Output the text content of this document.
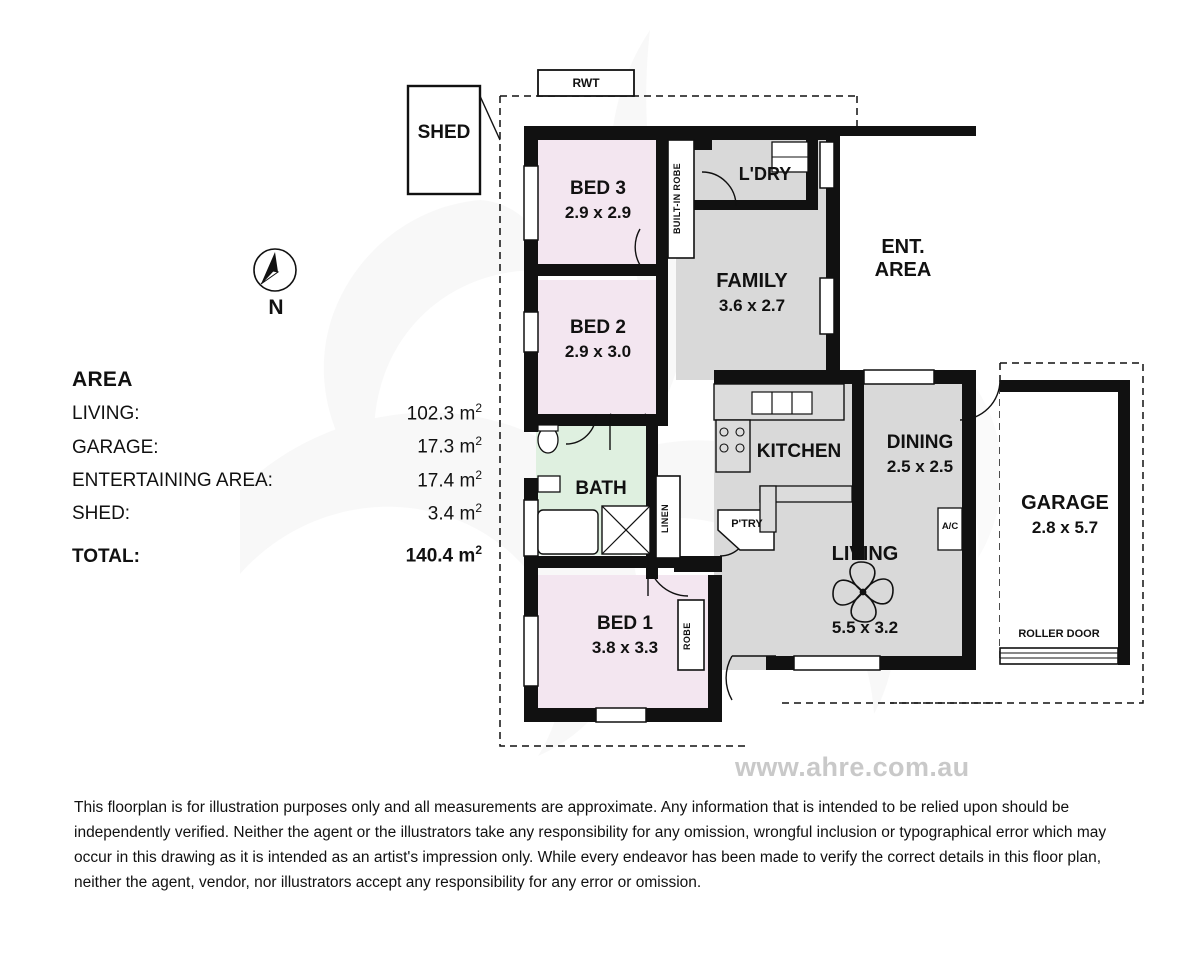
www.ahre.com.au
SHED
RWT
BED 3
2.9 x 2.9
BED 2
2.9 x 3.0
BED 1
3.8 x 3.3
BATH
L'DRY
FAMILY
3.6 x 2.7
ENT.
AREA
KITCHEN	DINING
2.5 x 2.5
LIVING
5.5 x 3.2
GARAGE
2.8 x 5.7
BUILT-IN ROBE
LINEN
ROBE
P'TRY	A/C
ROLLER DOOR
N
AREA
LIVING:	102.3 $m^2$
GARAGE:	17.3 $m^2$
ENTERTAINING AREA:	17.4 $m^2$
SHED:	3.4 $m^2$
TOTAL:	140.4 $m^2$
This floorplan is for illustration purposes only and all measurements are approximate. Any information that is intended to be relied upon should be independently verified. Neither the agent or the illustrators take any responsibility for any omission, wrongful inclusion or typographical error which may occur in this drawing as it is intended as an artist's impression only. While every endeavor has been made to verify the correct details in this floor plan, neither the agent, vendor, nor illustrators accept any responsibility for any error or omission.
